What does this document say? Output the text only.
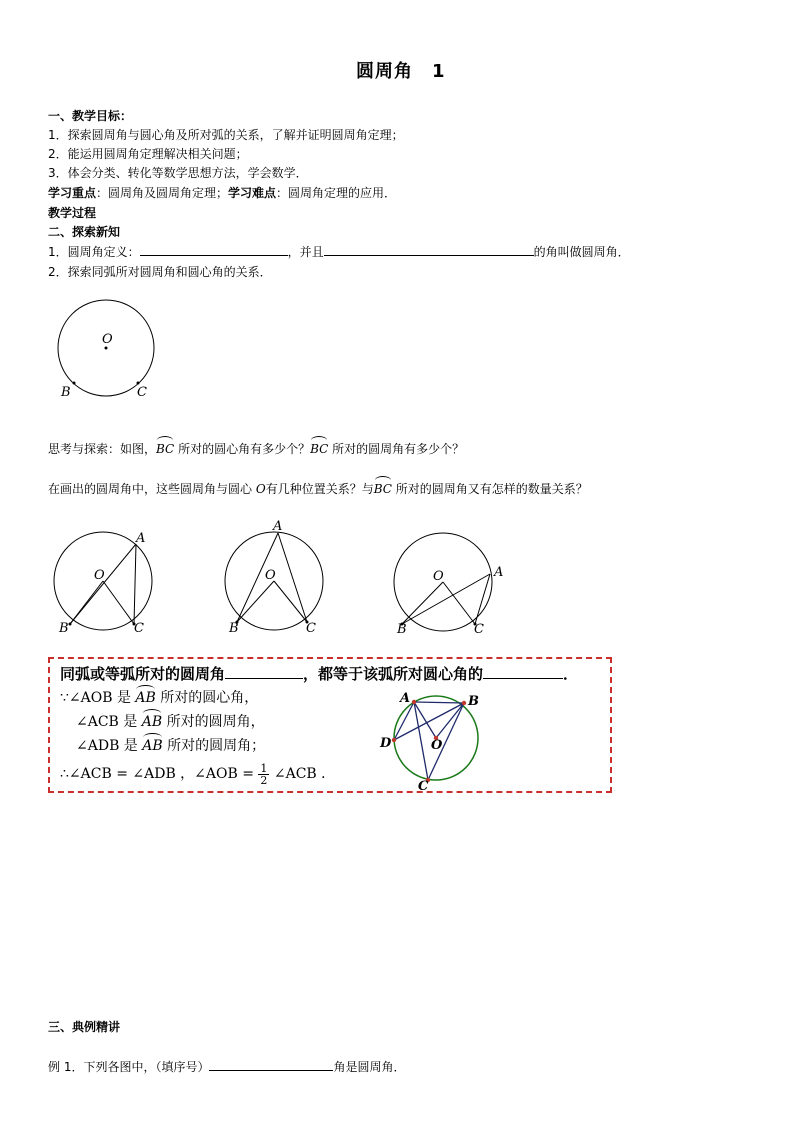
圆周角　1
一、教学目标：
1．探索圆周角与圆心角及所对弧的关系，了解并证明圆周角定理；
2．能运用圆周角定理解决相关问题；
3．体会分类、转化等数学思想方法，学会数学．
学习重点：圆周角及圆周角定理；学习难点：圆周角定理的应用．
教学过程
二、探索新知
1．圆周角定义：	，并且	的角叫做圆周角．
2．探索同弧所对圆周角和圆心角的关系．
O
B	C
思考与探索：如图，BC 所对的圆心角有多少个？BC 所对的圆周角有多少个？
在画出的圆周角中，这些圆周角与圆心 O有几种位置关系？与BC 所对的圆周角又有怎样的数量关系？
O
A
B	C
O
A
B	C
O	A
B	C
同弧或等弧所对的圆周角	，都等于该弧所对圆心角的	．
∵∠AOB 是 AB 所对的圆心角，
∠ACB 是 AB 所对的圆周角，
∠ADB 是 AB 所对的圆周角；
∴∠ACB = ∠ADB ，∠AOB = $\frac{1}{2}$ ∠ACB ．
A	B
D	O
C
三、典例精讲
例 1．下列各图中，（填序号）	角是圆周角．
